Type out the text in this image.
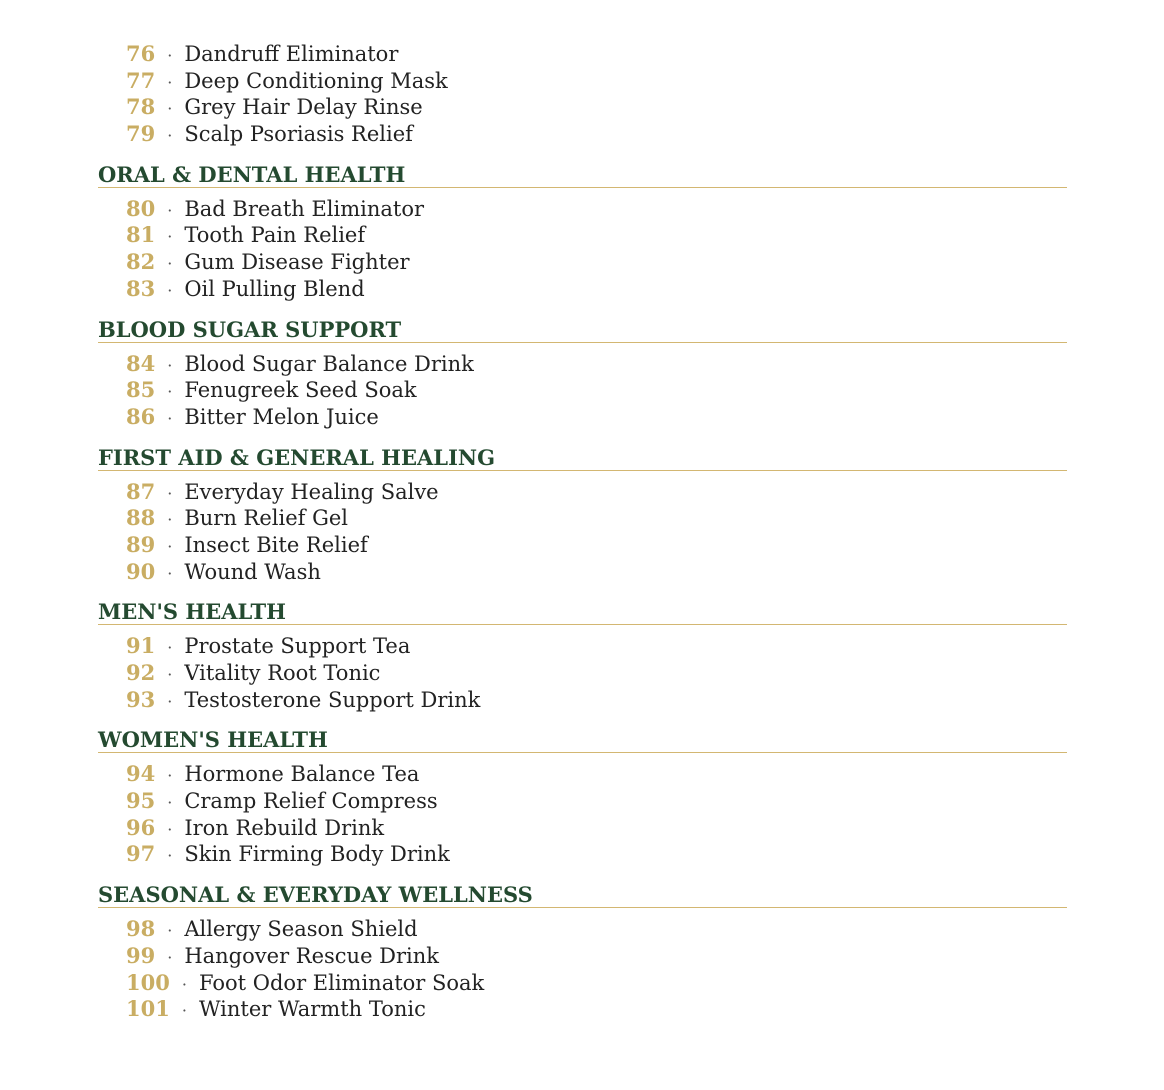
76 · Dandruff Eliminator
77 · Deep Conditioning Mask
78 · Grey Hair Delay Rinse
79 · Scalp Psoriasis Relief
ORAL & DENTAL HEALTH
80 · Bad Breath Eliminator
81 · Tooth Pain Relief
82 · Gum Disease Fighter
83 · Oil Pulling Blend
BLOOD SUGAR SUPPORT
84 · Blood Sugar Balance Drink
85 · Fenugreek Seed Soak
86 · Bitter Melon Juice
FIRST AID & GENERAL HEALING
87 · Everyday Healing Salve
88 · Burn Relief Gel
89 · Insect Bite Relief
90 · Wound Wash
MEN'S HEALTH
91 · Prostate Support Tea
92 · Vitality Root Tonic
93 · Testosterone Support Drink
WOMEN'S HEALTH
94 · Hormone Balance Tea
95 · Cramp Relief Compress
96 · Iron Rebuild Drink
97 · Skin Firming Body Drink
SEASONAL & EVERYDAY WELLNESS
98 · Allergy Season Shield
99 · Hangover Rescue Drink
100 · Foot Odor Eliminator Soak
101 · Winter Warmth Tonic
